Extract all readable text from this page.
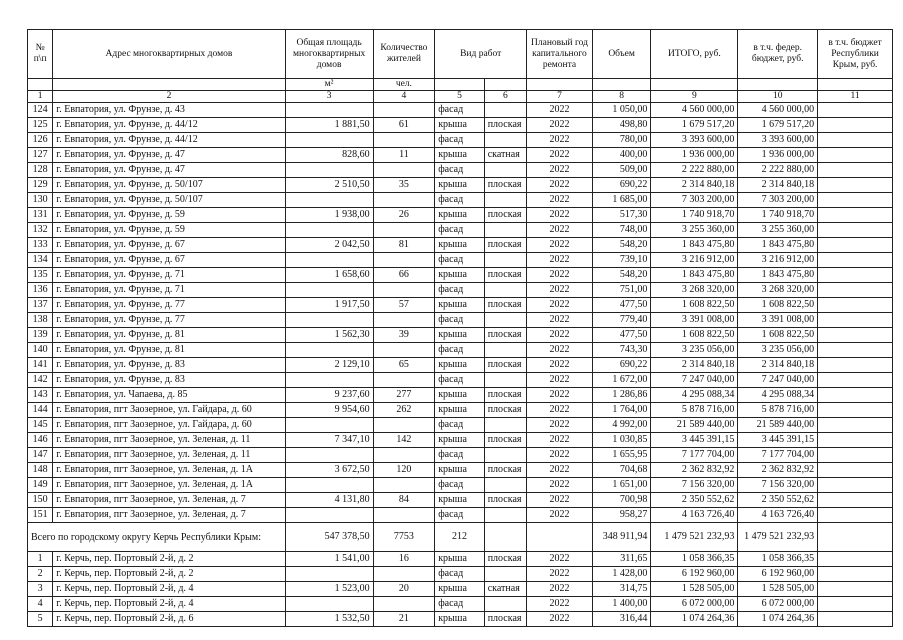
№ п\п	Адрес многоквартирных домов	Общая площадь многоквартирных домов	Количество жителей	Вид работ		Плановый год капитального ремонта	Объем	ИТОГО, руб.	в т.ч. федер. бюджет, руб.	в т.ч. бюджет Республики Крым, руб.
		м²	чел.							
1	2	3	4	5	6	7	8	9	10	11
124	г. Евпатория, ул. Фрунзе, д. 43			фасад		2022	1 050,00	4 560 000,00	4 560 000,00	
125	г. Евпатория, ул. Фрунзе, д. 44/12	1 881,50	61	крыша	плоская	2022	498,80	1 679 517,20	1 679 517,20	
126	г. Евпатория, ул. Фрунзе, д. 44/12			фасад		2022	780,00	3 393 600,00	3 393 600,00	
127	г. Евпатория, ул. Фрунзе, д. 47	828,60	11	крыша	скатная	2022	400,00	1 936 000,00	1 936 000,00	
128	г. Евпатория, ул. Фрунзе, д. 47			фасад		2022	509,00	2 222 880,00	2 222 880,00	
129	г. Евпатория, ул. Фрунзе, д. 50/107	2 510,50	35	крыша	плоская	2022	690,22	2 314 840,18	2 314 840,18	
130	г. Евпатория, ул. Фрунзе, д. 50/107			фасад		2022	1 685,00	7 303 200,00	7 303 200,00	
131	г. Евпатория, ул. Фрунзе, д. 59	1 938,00	26	крыша	плоская	2022	517,30	1 740 918,70	1 740 918,70	
132	г. Евпатория, ул. Фрунзе, д. 59			фасад		2022	748,00	3 255 360,00	3 255 360,00	
133	г. Евпатория, ул. Фрунзе, д. 67	2 042,50	81	крыша	плоская	2022	548,20	1 843 475,80	1 843 475,80	
134	г. Евпатория, ул. Фрунзе, д. 67			фасад		2022	739,10	3 216 912,00	3 216 912,00	
135	г. Евпатория, ул. Фрунзе, д. 71	1 658,60	66	крыша	плоская	2022	548,20	1 843 475,80	1 843 475,80	
136	г. Евпатория, ул. Фрунзе, д. 71			фасад		2022	751,00	3 268 320,00	3 268 320,00	
137	г. Евпатория, ул. Фрунзе, д. 77	1 917,50	57	крыша	плоская	2022	477,50	1 608 822,50	1 608 822,50	
138	г. Евпатория, ул. Фрунзе, д. 77			фасад		2022	779,40	3 391 008,00	3 391 008,00	
139	г. Евпатория, ул. Фрунзе, д. 81	1 562,30	39	крыша	плоская	2022	477,50	1 608 822,50	1 608 822,50	
140	г. Евпатория, ул. Фрунзе, д. 81			фасад		2022	743,30	3 235 056,00	3 235 056,00	
141	г. Евпатория, ул. Фрунзе, д. 83	2 129,10	65	крыша	плоская	2022	690,22	2 314 840,18	2 314 840,18	
142	г. Евпатория, ул. Фрунзе, д. 83			фасад		2022	1 672,00	7 247 040,00	7 247 040,00	
143	г. Евпатория, ул. Чапаева, д. 85	9 237,60	277	крыша	плоская	2022	1 286,86	4 295 088,34	4 295 088,34	
144	г. Евпатория, пгт Заозерное, ул. Гайдара, д. 60	9 954,60	262	крыша	плоская	2022	1 764,00	5 878 716,00	5 878 716,00	
145	г. Евпатория, пгт Заозерное, ул. Гайдара, д. 60			фасад		2022	4 992,00	21 589 440,00	21 589 440,00	
146	г. Евпатория, пгт Заозерное, ул. Зеленая, д. 11	7 347,10	142	крыша	плоская	2022	1 030,85	3 445 391,15	3 445 391,15	
147	г. Евпатория, пгт Заозерное, ул. Зеленая, д. 11			фасад		2022	1 655,95	7 177 704,00	7 177 704,00	
148	г. Евпатория, пгт Заозерное, ул. Зеленая, д. 1А	3 672,50	120	крыша	плоская	2022	704,68	2 362 832,92	2 362 832,92	
149	г. Евпатория, пгт Заозерное, ул. Зеленая, д. 1А			фасад		2022	1 651,00	7 156 320,00	7 156 320,00	
150	г. Евпатория, пгт Заозерное, ул. Зеленая, д. 7	4 131,80	84	крыша	плоская	2022	700,98	2 350 552,62	2 350 552,62	
151	г. Евпатория, пгт Заозерное, ул. Зеленая, д. 7			фасад		2022	958,27	4 163 726,40	4 163 726,40	
Всего по городскому округу Керчь Республики Крым:		547 378,50	7753	212			348 911,94	1 479 521 232,93	1 479 521 232,93	
1	г. Керчь, пер. Портовый 2-й, д. 2	1 541,00	16	крыша	плоская	2022	311,65	1 058 366,35	1 058 366,35	
2	г. Керчь, пер. Портовый 2-й, д. 2			фасад		2022	1 428,00	6 192 960,00	6 192 960,00	
3	г. Керчь, пер. Портовый 2-й, д. 4	1 523,00	20	крыша	скатная	2022	314,75	1 528 505,00	1 528 505,00	
4	г. Керчь, пер. Портовый 2-й, д. 4			фасад		2022	1 400,00	6 072 000,00	6 072 000,00	
5	г. Керчь, пер. Портовый 2-й, д. 6	1 532,50	21	крыша	плоская	2022	316,44	1 074 264,36	1 074 264,36	
